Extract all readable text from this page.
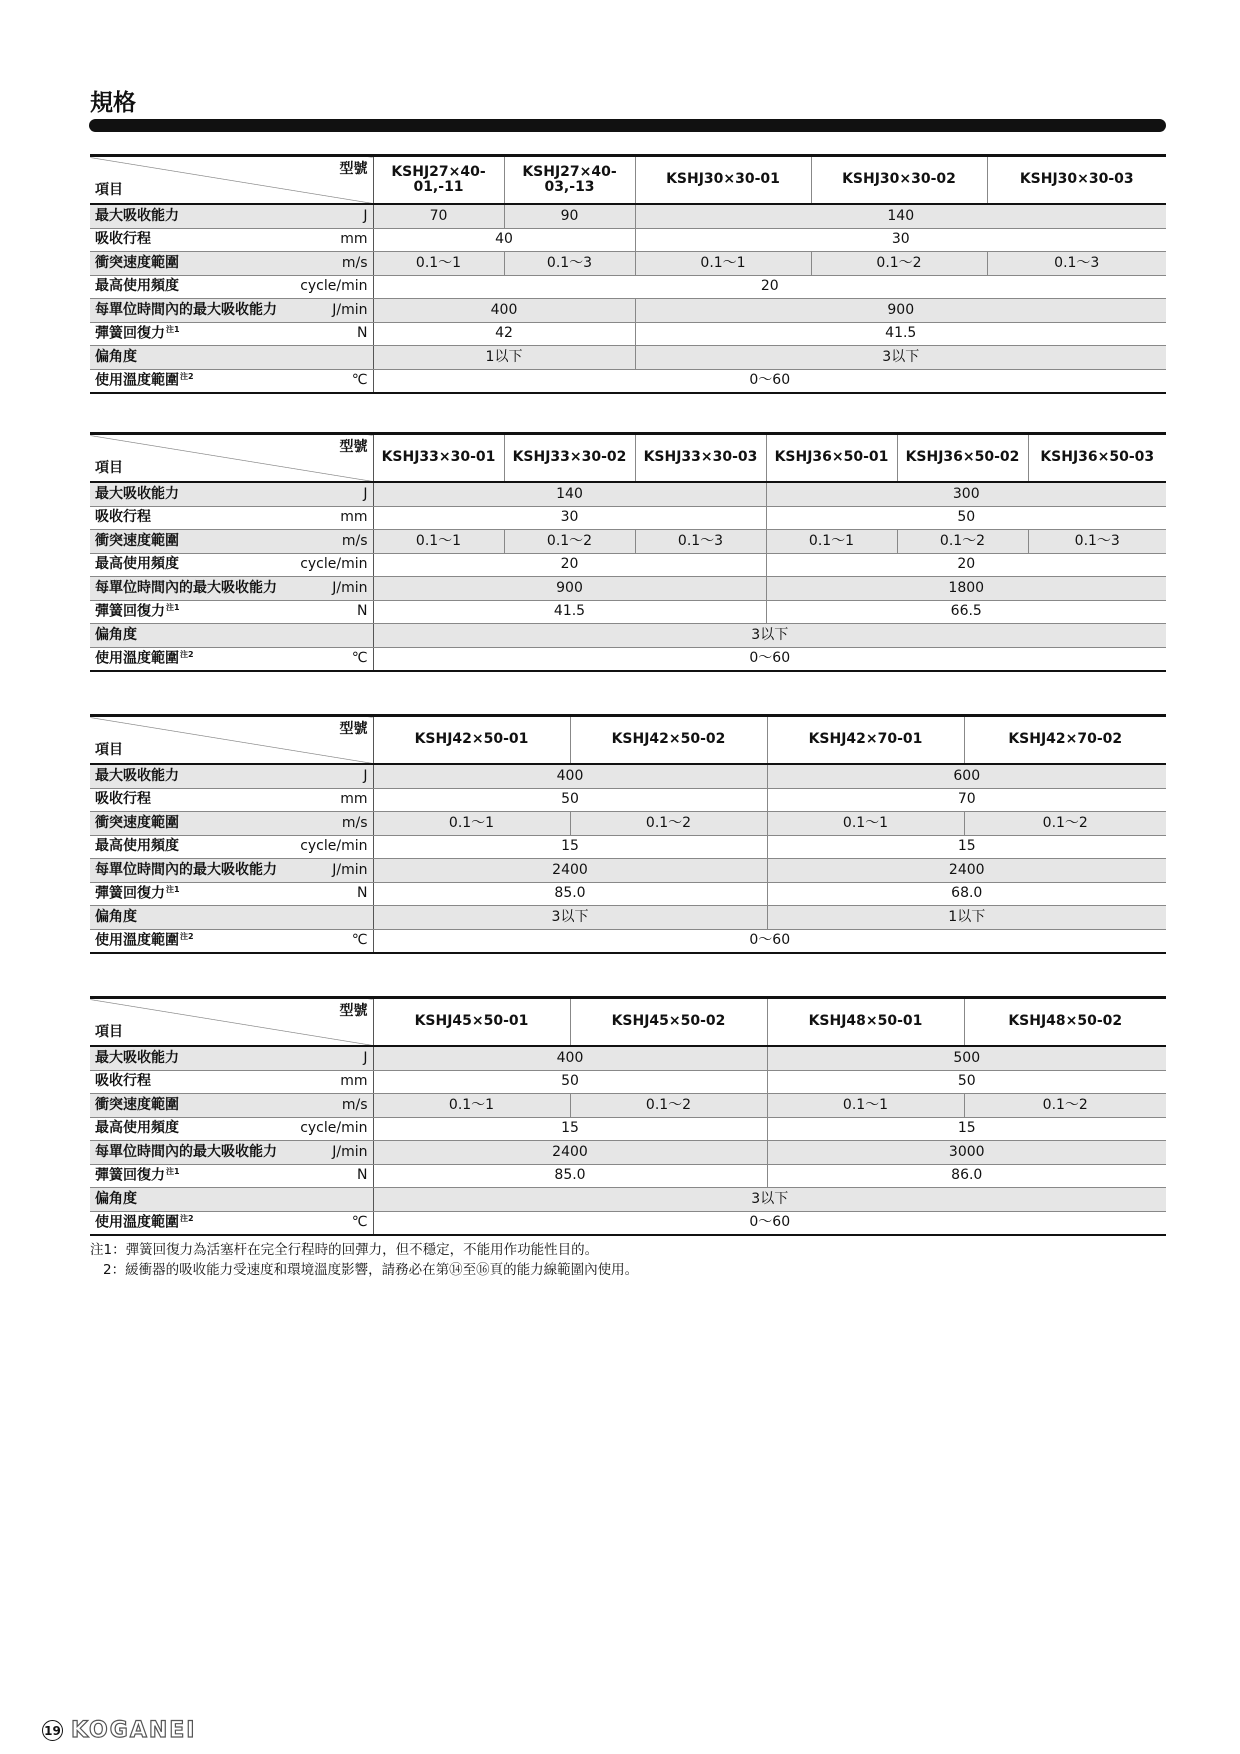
規格
型號
項目		KSHJ27×40-01,-11	KSHJ27×40-03,-13	KSHJ30×30-01	KSHJ30×30-02	KSHJ30×30-03
最大吸收能力	J	70	90	140		
吸收行程	mm	40		30		
衝突速度範圍	m/s	0.1～1	0.1～3	0.1～1	0.1～2	0.1～3
最高使用頻度	cycle/min	20				
每單位時間內的最大吸收能力	J/min	400		900		
彈簧回復力$^{注1}$	N	42		41.5		
偏角度		1以下		3以下		
使用溫度範圍$^{注2}$	℃	0～60				
型號
項目		KSHJ33×30-01	KSHJ33×30-02	KSHJ33×30-03	KSHJ36×50-01	KSHJ36×50-02	KSHJ36×50-03
最大吸收能力	J	140			300		
吸收行程	mm	30			50		
衝突速度範圍	m/s	0.1～1	0.1～2	0.1～3	0.1～1	0.1～2	0.1～3
最高使用頻度	cycle/min	20			20		
每單位時間內的最大吸收能力	J/min	900			1800		
彈簧回復力$^{注1}$	N	41.5			66.5		
偏角度		3以下					
使用溫度範圍$^{注2}$	℃	0～60					
型號
項目		KSHJ42×50-01	KSHJ42×50-02	KSHJ42×70-01	KSHJ42×70-02
最大吸收能力	J	400		600	
吸收行程	mm	50		70	
衝突速度範圍	m/s	0.1～1	0.1～2	0.1～1	0.1～2
最高使用頻度	cycle/min	15		15	
每單位時間內的最大吸收能力	J/min	2400		2400	
彈簧回復力$^{注1}$	N	85.0		68.0	
偏角度		3以下		1以下	
使用溫度範圍$^{注2}$	℃	0～60			
型號
項目		KSHJ45×50-01	KSHJ45×50-02	KSHJ48×50-01	KSHJ48×50-02
最大吸收能力	J	400		500	
吸收行程	mm	50		50	
衝突速度範圍	m/s	0.1～1	0.1～2	0.1～1	0.1～2
最高使用頻度	cycle/min	15		15	
每單位時間內的最大吸收能力	J/min	2400		3000	
彈簧回復力$^{注1}$	N	85.0		86.0	
偏角度		3以下			
使用溫度範圍$^{注2}$	℃	0～60			
注1：彈簧回復力為活塞杆在完全行程時的回彈力，但不穩定，不能用作功能性目的。
2：緩衝器的吸收能力受速度和環境溫度影響，請務必在第⑭至⑯頁的能力線範圍內使用。
19 KOGANEI
